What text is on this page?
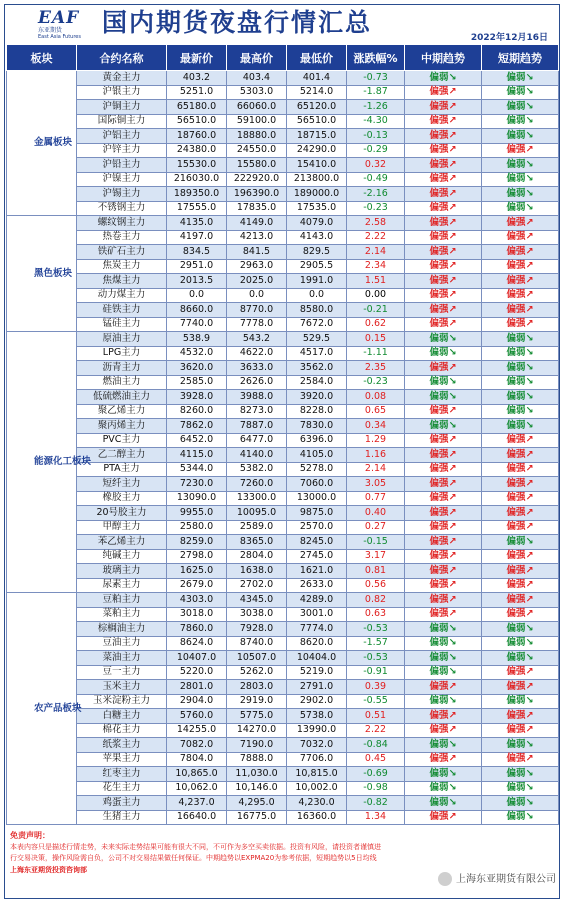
EAF
东亚期货
East Asia Futures 国内期货夜盘行情汇总
2022年12月16日
板块	合约名称	最新价	最高价	最低价	涨跌幅%	中期趋势	短期趋势
金属板块	黄金主力	403.2	403.4	401.4	-0.73	偏弱↘	偏弱↘
	沪银主力	5251.0	5303.0	5214.0	-1.87	偏强↗	偏弱↘
	沪铜主力	65180.0	66060.0	65120.0	-1.26	偏强↗	偏弱↘
	国际铜主力	56510.0	59100.0	56510.0	-4.30	偏强↗	偏弱↘
	沪铝主力	18760.0	18880.0	18715.0	-0.13	偏强↗	偏弱↘
	沪锌主力	24380.0	24550.0	24290.0	-0.29	偏强↗	偏强↗
	沪铅主力	15530.0	15580.0	15410.0	0.32	偏强↗	偏弱↘
	沪镍主力	216030.0	222920.0	213800.0	-0.49	偏强↗	偏弱↘
	沪锡主力	189350.0	196390.0	189000.0	-2.16	偏强↗	偏弱↘
	不锈钢主力	17555.0	17835.0	17535.0	-0.23	偏强↗	偏弱↘
黑色板块	螺纹钢主力	4135.0	4149.0	4079.0	2.58	偏强↗	偏强↗
	热卷主力	4197.0	4213.0	4143.0	2.22	偏强↗	偏强↗
	铁矿石主力	834.5	841.5	829.5	2.14	偏强↗	偏强↗
	焦炭主力	2951.0	2963.0	2905.5	2.34	偏强↗	偏强↗
	焦煤主力	2013.5	2025.0	1991.0	1.51	偏强↗	偏强↗
	动力煤主力	0.0	0.0	0.0	0.00	偏强↗	偏强↗
	硅铁主力	8660.0	8770.0	8580.0	-0.21	偏强↗	偏强↗
	锰硅主力	7740.0	7778.0	7672.0	0.62	偏强↗	偏强↗
能源化工板块	原油主力	538.9	543.2	529.5	0.15	偏弱↘	偏弱↘
	LPG主力	4532.0	4622.0	4517.0	-1.11	偏弱↘	偏弱↘
	沥青主力	3620.0	3633.0	3562.0	2.35	偏强↗	偏弱↘
	燃油主力	2585.0	2626.0	2584.0	-0.23	偏弱↘	偏弱↘
	低硫燃油主力	3928.0	3988.0	3920.0	0.08	偏弱↘	偏弱↘
	聚乙烯主力	8260.0	8273.0	8228.0	0.65	偏强↗	偏弱↘
	聚丙烯主力	7862.0	7887.0	7830.0	0.34	偏弱↘	偏弱↘
	PVC主力	6452.0	6477.0	6396.0	1.29	偏强↗	偏强↗
	乙二醇主力	4115.0	4140.0	4105.0	1.16	偏强↗	偏强↗
	PTA主力	5344.0	5382.0	5278.0	2.14	偏强↗	偏强↗
	短纤主力	7230.0	7260.0	7060.0	3.05	偏强↗	偏强↗
	橡胶主力	13090.0	13300.0	13000.0	0.77	偏强↗	偏强↗
	20号胶主力	9955.0	10095.0	9875.0	0.40	偏强↗	偏强↗
	甲醇主力	2580.0	2589.0	2570.0	0.27	偏强↗	偏强↗
	苯乙烯主力	8259.0	8365.0	8245.0	-0.15	偏强↗	偏弱↘
	纯碱主力	2798.0	2804.0	2745.0	3.17	偏强↗	偏强↗
	玻璃主力	1625.0	1638.0	1621.0	0.81	偏强↗	偏强↗
	尿素主力	2679.0	2702.0	2633.0	0.56	偏强↗	偏强↗
农产品板块	豆粕主力	4303.0	4345.0	4289.0	0.82	偏强↗	偏强↗
	菜粕主力	3018.0	3038.0	3001.0	0.63	偏强↗	偏强↗
	棕榈油主力	7860.0	7928.0	7774.0	-0.53	偏弱↘	偏弱↘
	豆油主力	8624.0	8740.0	8620.0	-1.57	偏弱↘	偏弱↘
	菜油主力	10407.0	10507.0	10404.0	-0.53	偏弱↘	偏弱↘
	豆一主力	5220.0	5262.0	5219.0	-0.91	偏弱↘	偏强↗
	玉米主力	2801.0	2803.0	2791.0	0.39	偏强↗	偏强↗
	玉米淀粉主力	2904.0	2919.0	2902.0	-0.55	偏弱↘	偏弱↘
	白糖主力	5760.0	5775.0	5738.0	0.51	偏强↗	偏强↗
	棉花主力	14255.0	14270.0	13990.0	2.22	偏强↗	偏强↗
	纸浆主力	7082.0	7190.0	7032.0	-0.84	偏弱↘	偏弱↘
	苹果主力	7804.0	7888.0	7706.0	0.45	偏强↗	偏强↗
	红枣主力	10,865.0	11,030.0	10,815.0	-0.69	偏弱↘	偏弱↘
	花生主力	10,062.0	10,146.0	10,002.0	-0.98	偏弱↘	偏弱↘
	鸡蛋主力	4,237.0	4,295.0	4,230.0	-0.82	偏弱↘	偏弱↘
	生猪主力	16640.0	16775.0	16360.0	1.34	偏强↗	偏弱↘
免责声明：
本表内容只是描述行情走势，未来实际走势结果可能有很大不同，不可作为多空买卖依据。投资有风险，请投资者谨慎进
行交易决策，操作风险需自负，公司不对交易结果做任何保证。中期趋势以EXPMA20为参考依据，短期趋势以5日均线
上海东亚期货投资咨询部
上海东亚期货有限公司
